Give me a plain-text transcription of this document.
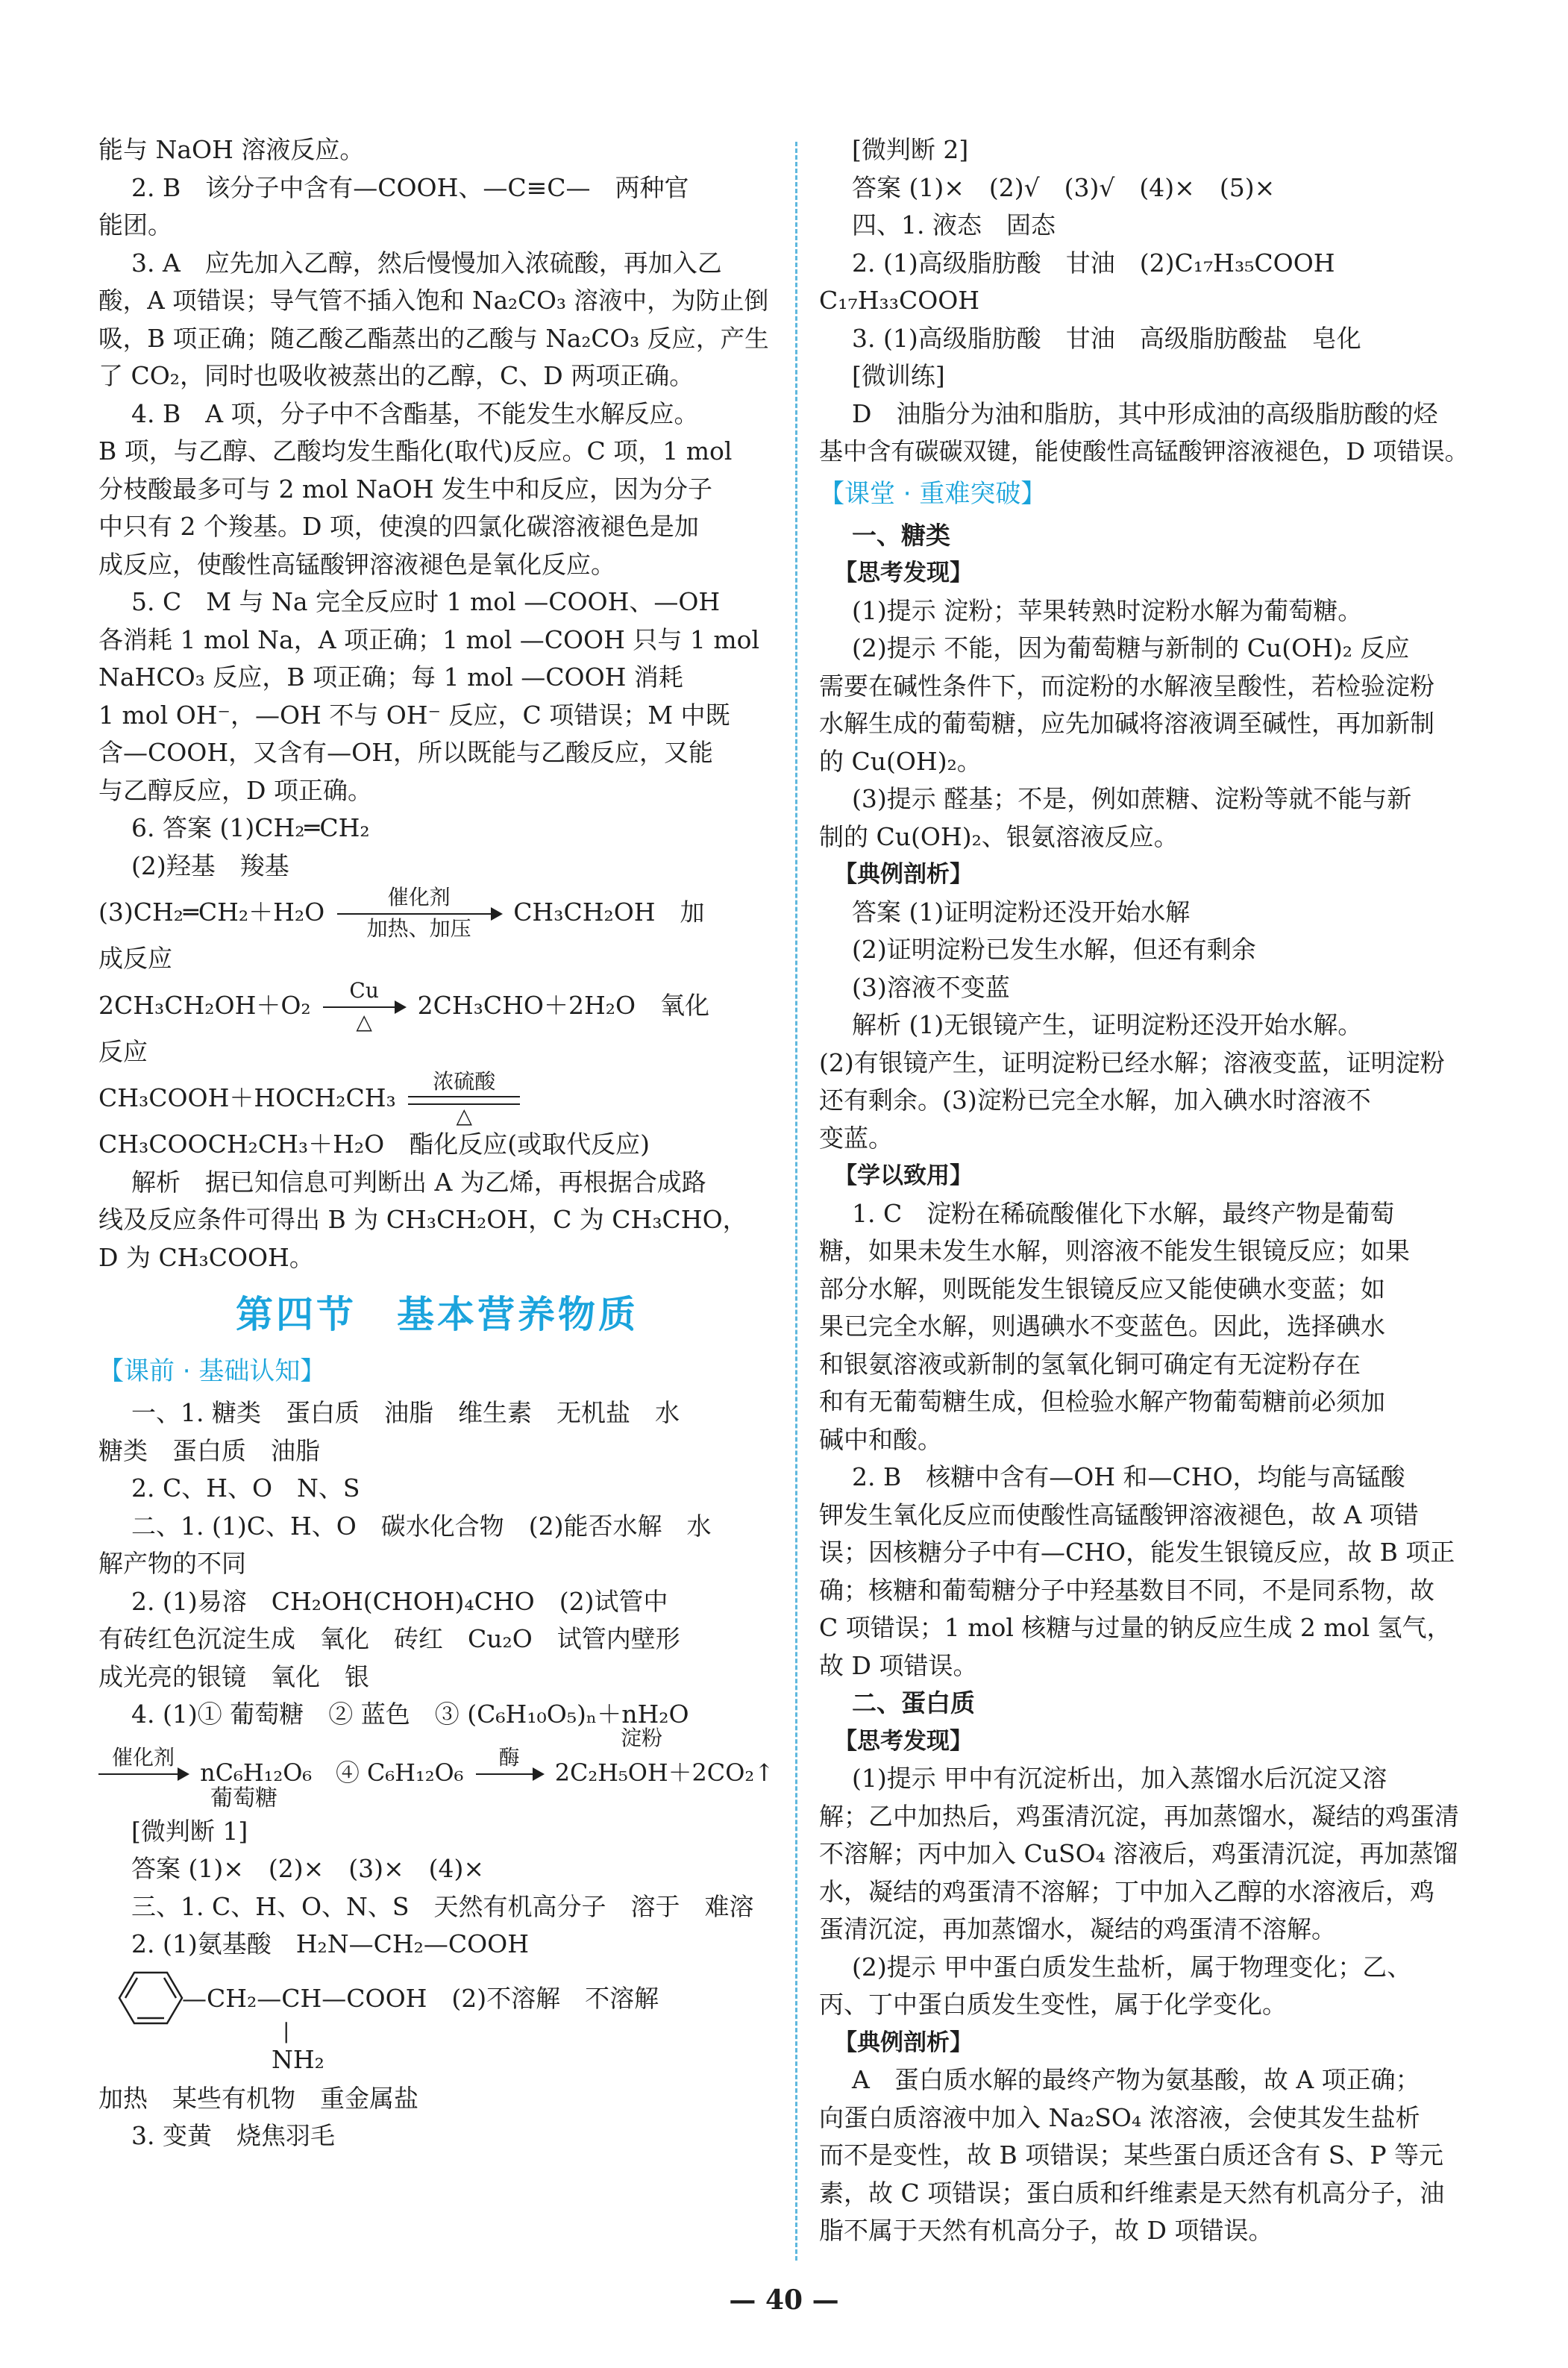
能与 NaOH 溶液反应。

2. B　该分子中含有—COOH、—C≡C—　两种官

能团。

3. A　应先加入乙醇，然后慢慢加入浓硫酸，再加入乙

酸，A 项错误；导气管不插入饱和 Na₂CO₃ 溶液中，为防止倒

吸，B 项正确；随乙酸乙酯蒸出的乙酸与 Na₂CO₃ 反应，产生

了 CO₂，同时也吸收被蒸出的乙醇，C、D 两项正确。

4. B　A 项，分子中不含酯基，不能发生水解反应。

B 项，与乙醇、乙酸均发生酯化(取代)反应。C 项，1 mol

分枝酸最多可与 2 mol NaOH 发生中和反应，因为分子

中只有 2 个羧基。D 项，使溴的四氯化碳溶液褪色是加

成反应，使酸性高锰酸钾溶液褪色是氧化反应。

5. C　M 与 Na 完全反应时 1 mol —COOH、—OH

各消耗 1 mol Na，A 项正确；1 mol —COOH 只与 1 mol

NaHCO₃ 反应，B 项正确；每 1 mol —COOH 消耗

1 mol OH⁻，—OH 不与 OH⁻ 反应，C 项错误；M 中既

含—COOH，又含有—OH，所以既能与乙酸反应，又能

与乙醇反应，D 项正确。

6. 答案 (1)CH₂═CH₂

(2)羟基　羧基

(3)CH₂═CH₂＋H₂O
催化剂
加热、加压
CH₃CH₂OH　加

成反应

2CH₃CH₂OH＋O₂
Cu
△
2CH₃CHO＋2H₂O　氧化

反应

CH₃COOH＋HOCH₂CH₃
浓硫酸
△

CH₃COOCH₂CH₃＋H₂O　酯化反应(或取代反应)

解析　据已知信息可判断出 A 为乙烯，再根据合成路

线及反应条件可得出 B 为 CH₃CH₂OH，C 为 CH₃CHO，

D 为 CH₃COOH。

第四节　基本营养物质
【课前 · 基础认知】

一、1. 糖类　蛋白质　油脂　维生素　无机盐　水

糖类　蛋白质　油脂

2. C、H、O　N、S

二、1. (1)C、H、O　碳水化合物　(2)能否水解　水

解产物的不同

2. (1)易溶　CH₂OH(CHOH)₄CHO　(2)试管中

有砖红色沉淀生成　氧化　砖红　Cu₂O　试管内壁形

成光亮的银镜　氧化　银

4. (1)① 葡萄糖　② 蓝色　③ (C₆H₁₀O₅)ₙ＋nH₂O

淀粉

催化剂
nC₆H₁₂O₆　④ C₆H₁₂O₆
酶
2C₂H₅OH＋2CO₂↑

葡萄糖

[微判断 1]

答案 (1)×　(2)×　(3)×　(4)×

三、1. C、H、O、N、S　天然有机高分子　溶于　难溶

2. (1)氨基酸　H₂N—CH₂—COOH

—CH₂—CH—COOH　(2)不溶解　不溶解
|
NH₂

加热　某些有机物　重金属盐

3. 变黄　烧焦羽毛

[微判断 2]

答案 (1)×　(2)√　(3)√　(4)×　(5)×

四、1. 液态　固态

2. (1)高级脂肪酸　甘油　(2)C₁₇H₃₅COOH

C₁₇H₃₃COOH

3. (1)高级脂肪酸　甘油　高级脂肪酸盐　皂化

[微训练]

D　油脂分为油和脂肪，其中形成油的高级脂肪酸的烃

基中含有碳碳双键，能使酸性高锰酸钾溶液褪色，D 项错误。

【课堂 · 重难突破】

一、糖类

【思考发现】

(1)提示 淀粉；苹果转熟时淀粉水解为葡萄糖。

(2)提示 不能，因为葡萄糖与新制的 Cu(OH)₂ 反应

需要在碱性条件下，而淀粉的水解液呈酸性，若检验淀粉

水解生成的葡萄糖，应先加碱将溶液调至碱性，再加新制

的 Cu(OH)₂。

(3)提示 醛基；不是，例如蔗糖、淀粉等就不能与新

制的 Cu(OH)₂、银氨溶液反应。

【典例剖析】

答案 (1)证明淀粉还没开始水解

(2)证明淀粉已发生水解，但还有剩余

(3)溶液不变蓝

解析 (1)无银镜产生，证明淀粉还没开始水解。

(2)有银镜产生，证明淀粉已经水解；溶液变蓝，证明淀粉

还有剩余。(3)淀粉已完全水解，加入碘水时溶液不

变蓝。

【学以致用】

1. C　淀粉在稀硫酸催化下水解，最终产物是葡萄

糖，如果未发生水解，则溶液不能发生银镜反应；如果

部分水解，则既能发生银镜反应又能使碘水变蓝；如

果已完全水解，则遇碘水不变蓝色。因此，选择碘水

和银氨溶液或新制的氢氧化铜可确定有无淀粉存在

和有无葡萄糖生成，但检验水解产物葡萄糖前必须加

碱中和酸。

2. B　核糖中含有—OH 和—CHO，均能与高锰酸

钾发生氧化反应而使酸性高锰酸钾溶液褪色，故 A 项错

误；因核糖分子中有—CHO，能发生银镜反应，故 B 项正

确；核糖和葡萄糖分子中羟基数目不同，不是同系物，故

C 项错误；1 mol 核糖与过量的钠反应生成 2 mol 氢气，

故 D 项错误。

二、蛋白质

【思考发现】

(1)提示 甲中有沉淀析出，加入蒸馏水后沉淀又溶

解；乙中加热后，鸡蛋清沉淀，再加蒸馏水，凝结的鸡蛋清

不溶解；丙中加入 CuSO₄ 溶液后，鸡蛋清沉淀，再加蒸馏

水，凝结的鸡蛋清不溶解；丁中加入乙醇的水溶液后，鸡

蛋清沉淀，再加蒸馏水，凝结的鸡蛋清不溶解。

(2)提示 甲中蛋白质发生盐析，属于物理变化；乙、

丙、丁中蛋白质发生变性，属于化学变化。

【典例剖析】

A　蛋白质水解的最终产物为氨基酸，故 A 项正确；

向蛋白质溶液中加入 Na₂SO₄ 浓溶液，会使其发生盐析

而不是变性，故 B 项错误；某些蛋白质还含有 S、P 等元

素，故 C 项错误；蛋白质和纤维素是天然有机高分子，油

脂不属于天然有机高分子，故 D 项错误。

— 40 —
